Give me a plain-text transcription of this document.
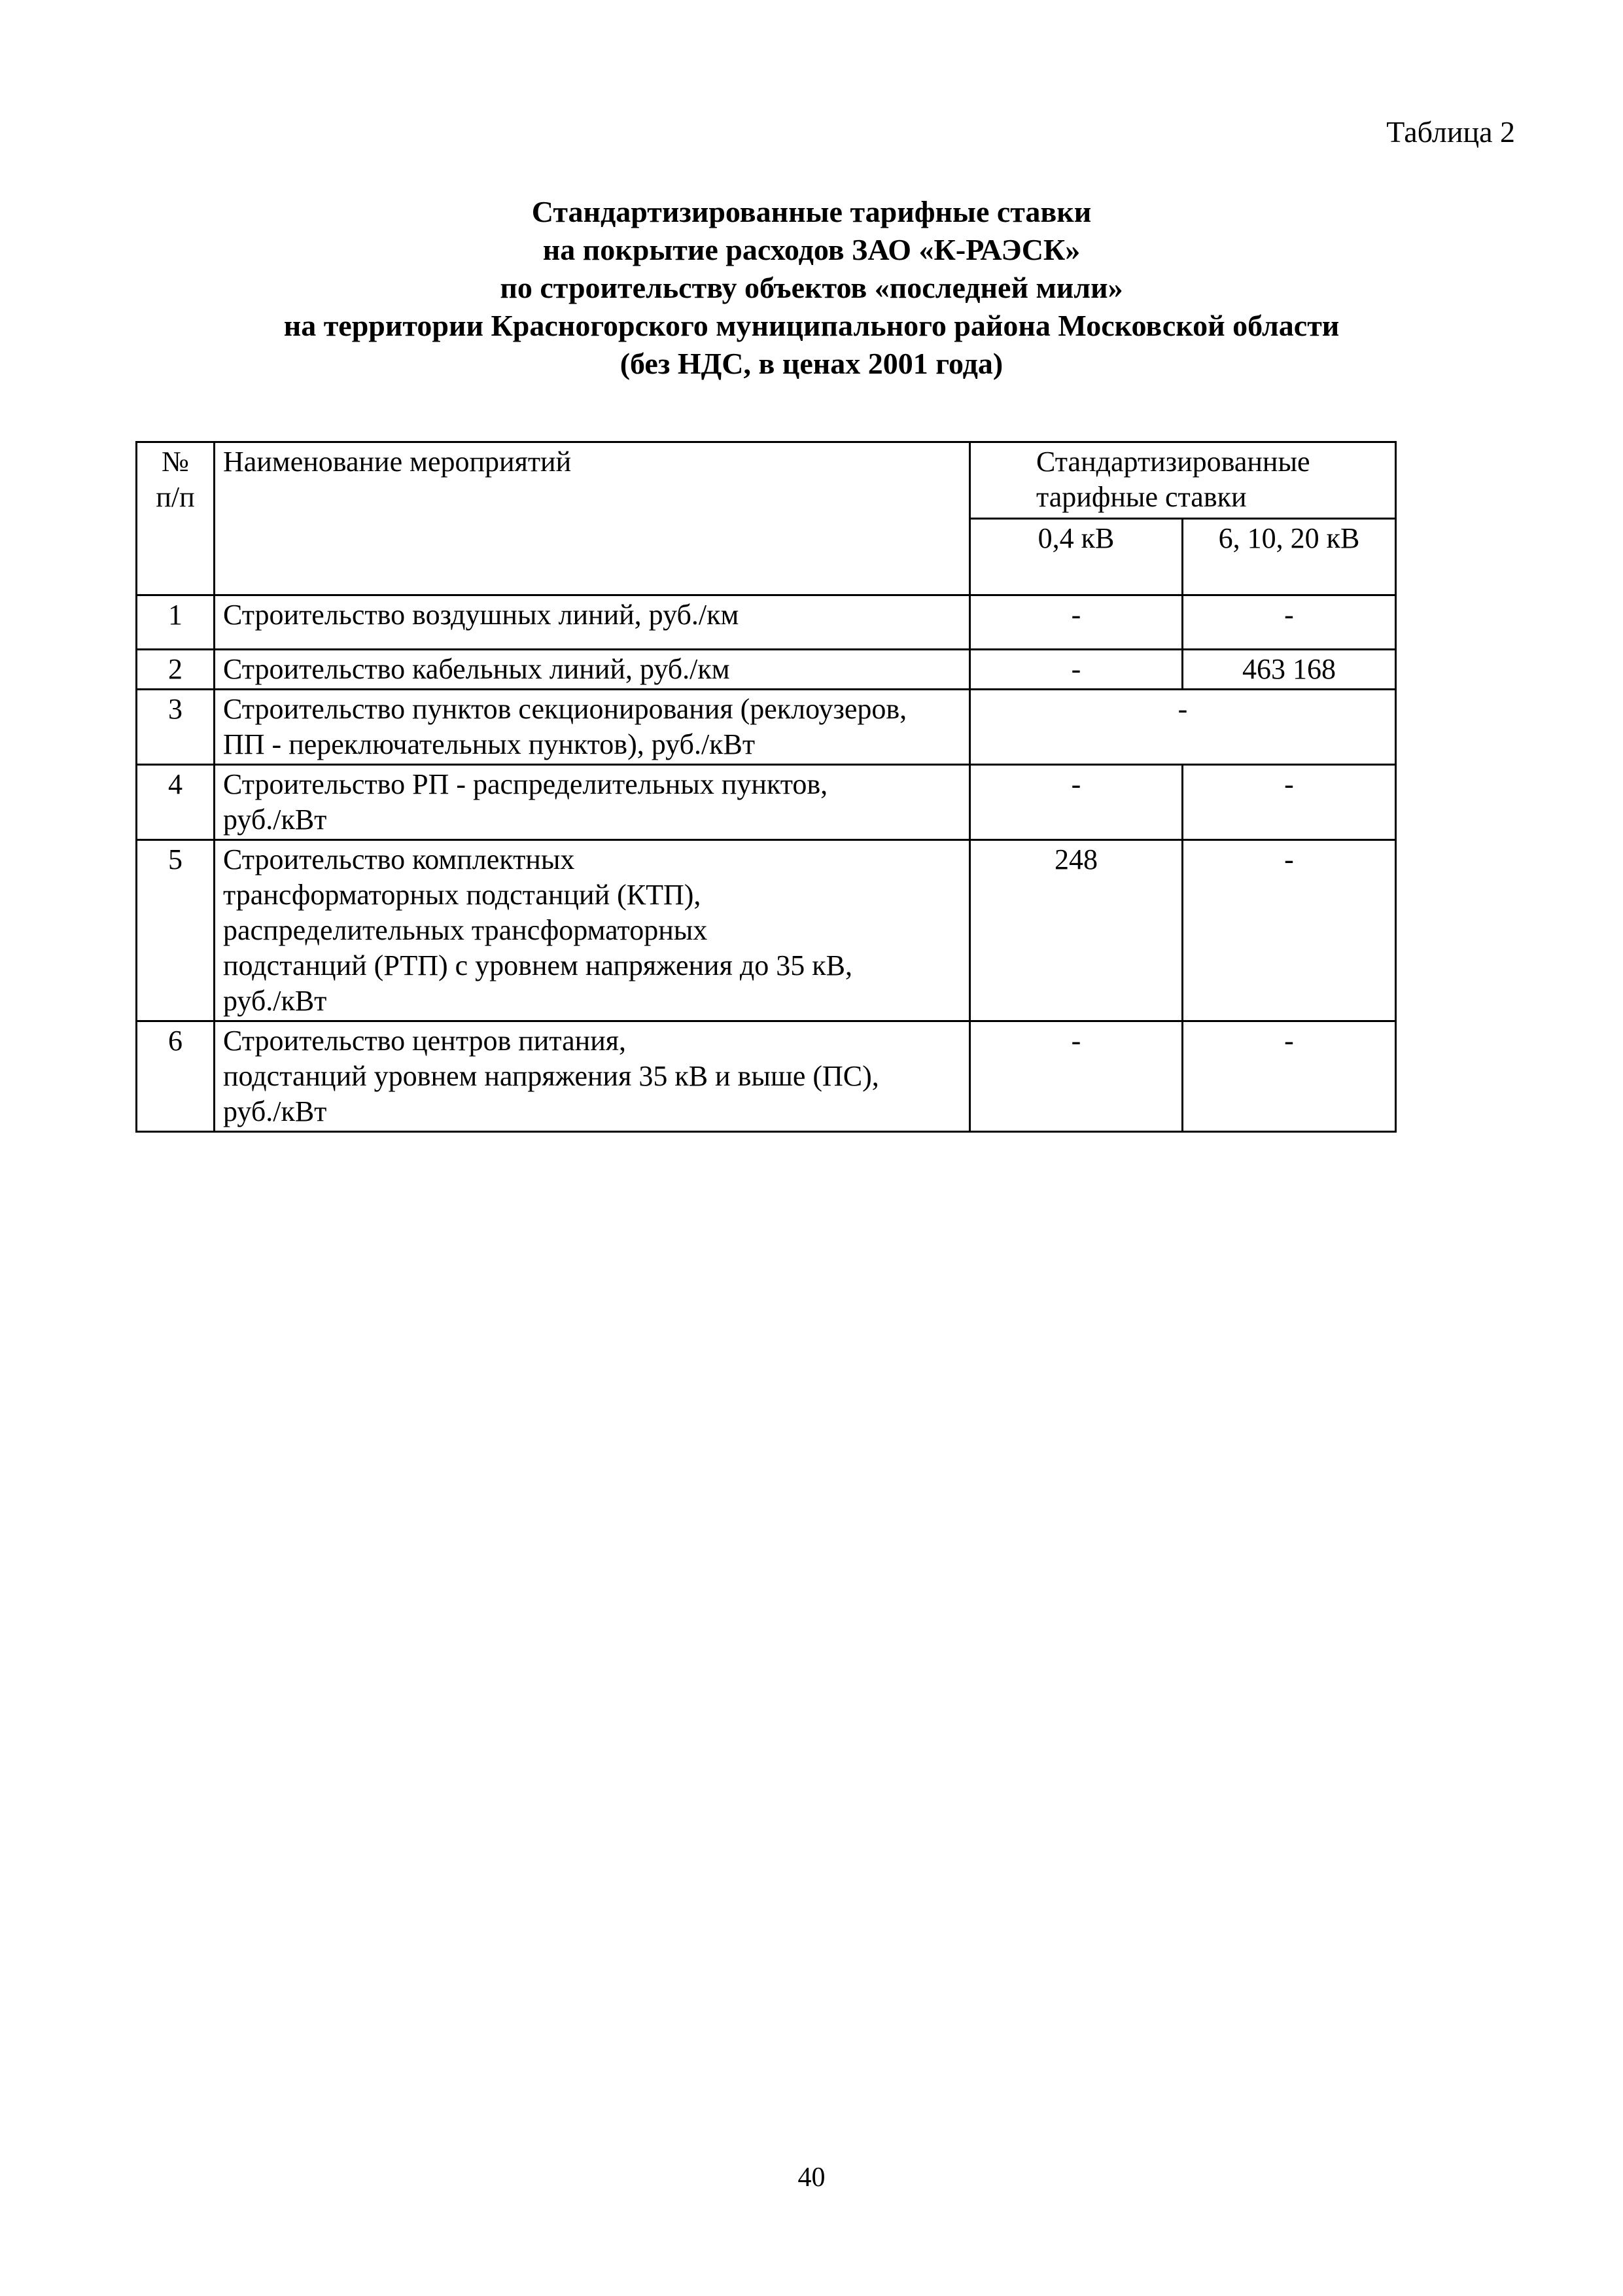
Таблица 2
Стандартизированные тарифные ставки
на покрытие расходов ЗАО «К-РАЭСК»
по строительству объектов «последней мили»
на территории Красногорского муниципального района Московской области
(без НДС, в ценах 2001 года)
№
п/п	Наименование мероприятий	Стандартизированные
тарифные ставки	
		0,4 кВ	6, 10, 20 кВ
1	Строительство воздушных линий, руб./км	-	-
2	Строительство кабельных линий, руб./км	-	463 168
3	Строительство пунктов секционирования (реклоузеров,
ПП - переключательных пунктов), руб./кВт	-	
4	Строительство РП - распределительных пунктов,
руб./кВт	-	-
5	Строительство комплектных
трансформаторных подстанций (КТП),
распределительных трансформаторных
подстанций (РТП) с уровнем напряжения до 35 кВ,
руб./кВт	248	-
6	Строительство центров питания,
подстанций уровнем напряжения 35 кВ и выше (ПС),
руб./кВт	-	-
40
